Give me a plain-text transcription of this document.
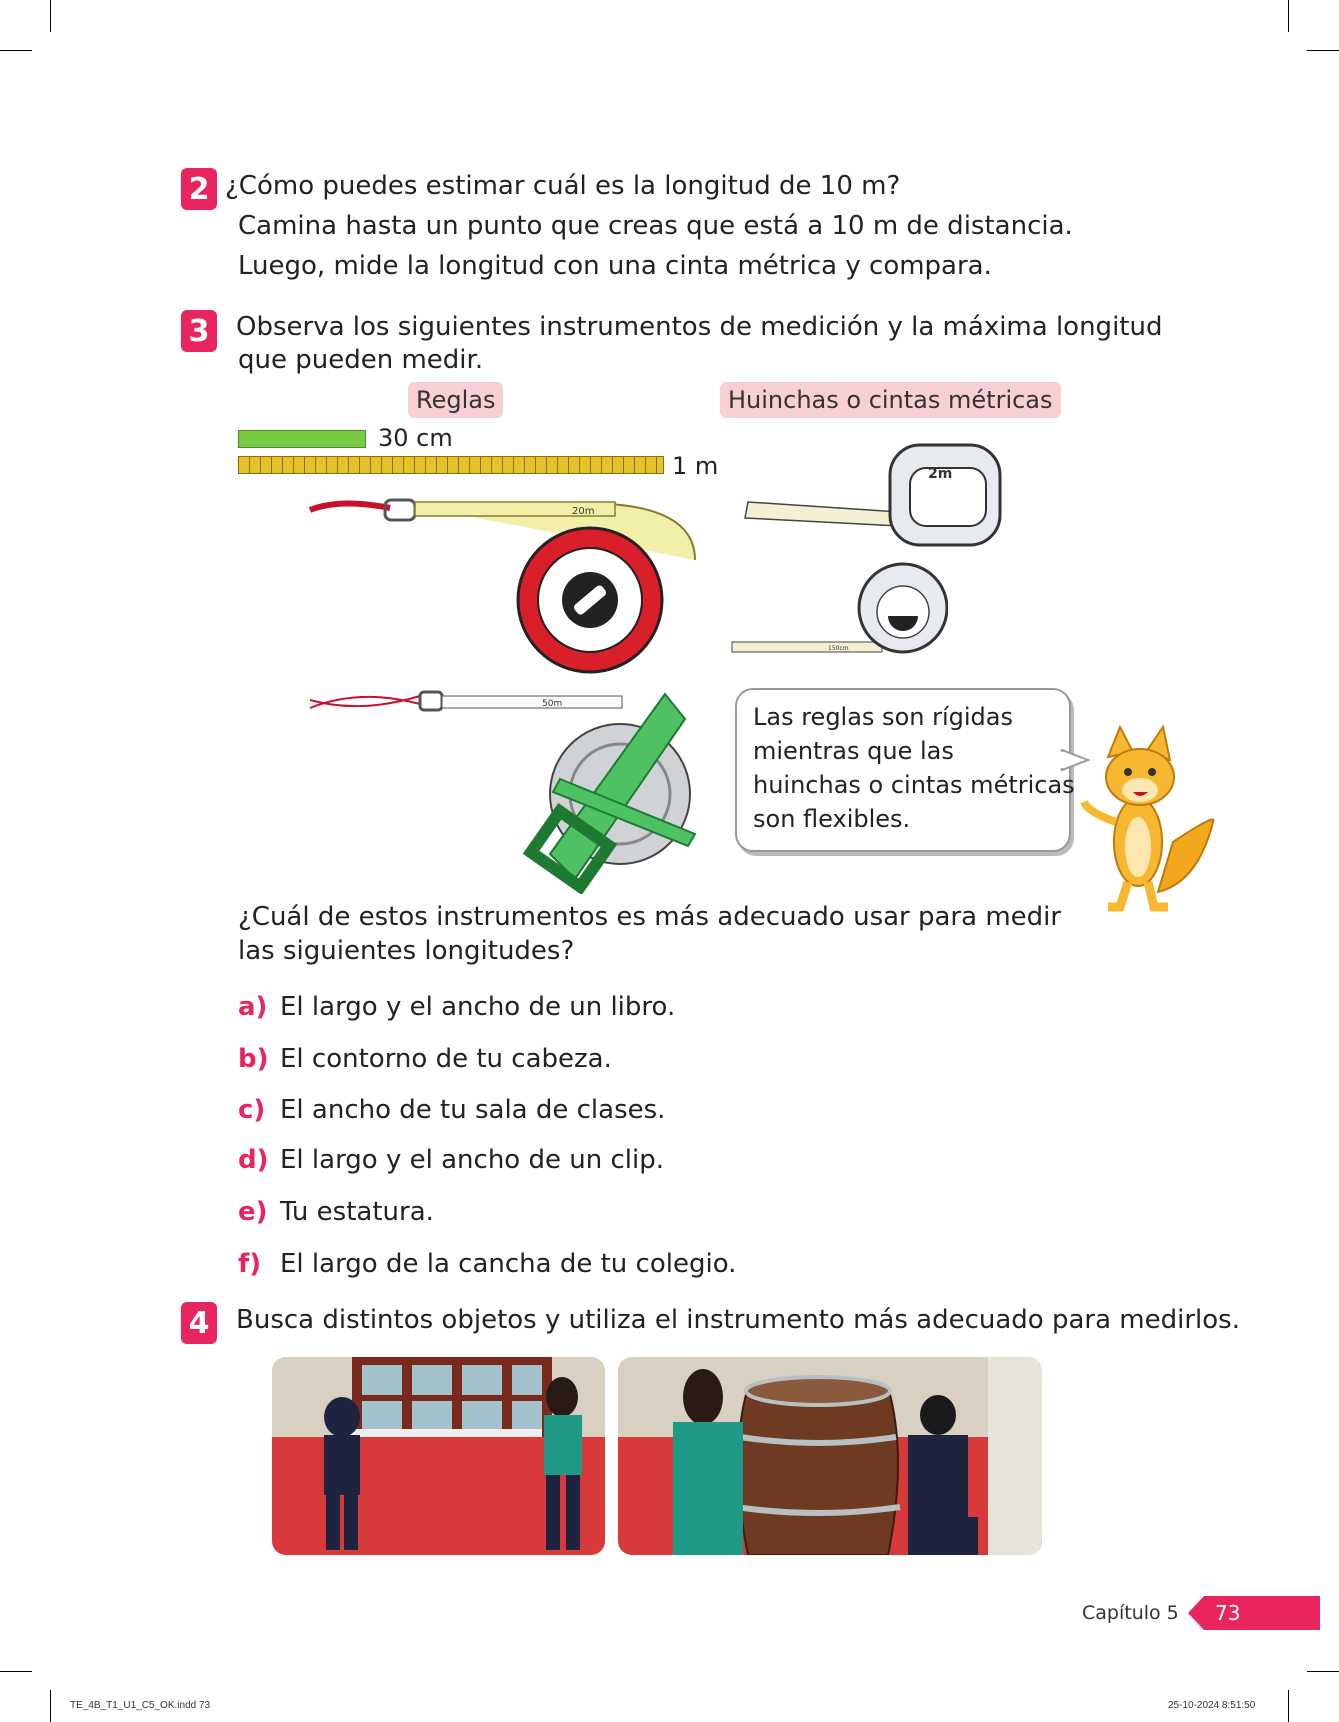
2 ¿Cómo puedes estimar cuál es la longitud de 10 m?
Camina hasta un punto que creas que está a 10 m de distancia.
Luego, mide la longitud con una cinta métrica y compara.
3 Observa los siguientes instrumentos de medición y la máxima longitud
que pueden medir.
Reglas	Huinchas o cintas métricas
30 cm
1 m
20m
2m
150cm
50m	Las reglas son rígidas
mientras que las
huinchas o cintas métricas
son flexibles.
¿Cuál de estos instrumentos es más adecuado usar para medir
las siguientes longitudes?
a) El largo y el ancho de un libro.
b) El contorno de tu cabeza.
c) El ancho de tu sala de clases.
d) El largo y el ancho de un clip.
e) Tu estatura.
f) El largo de la cancha de tu colegio.
4 Busca distintos objetos y utiliza el instrumento más adecuado para medirlos.
Capítulo 5 73
TE_4B_T1_U1_C5_OK.indd 73	25-10-2024 8:51:50
